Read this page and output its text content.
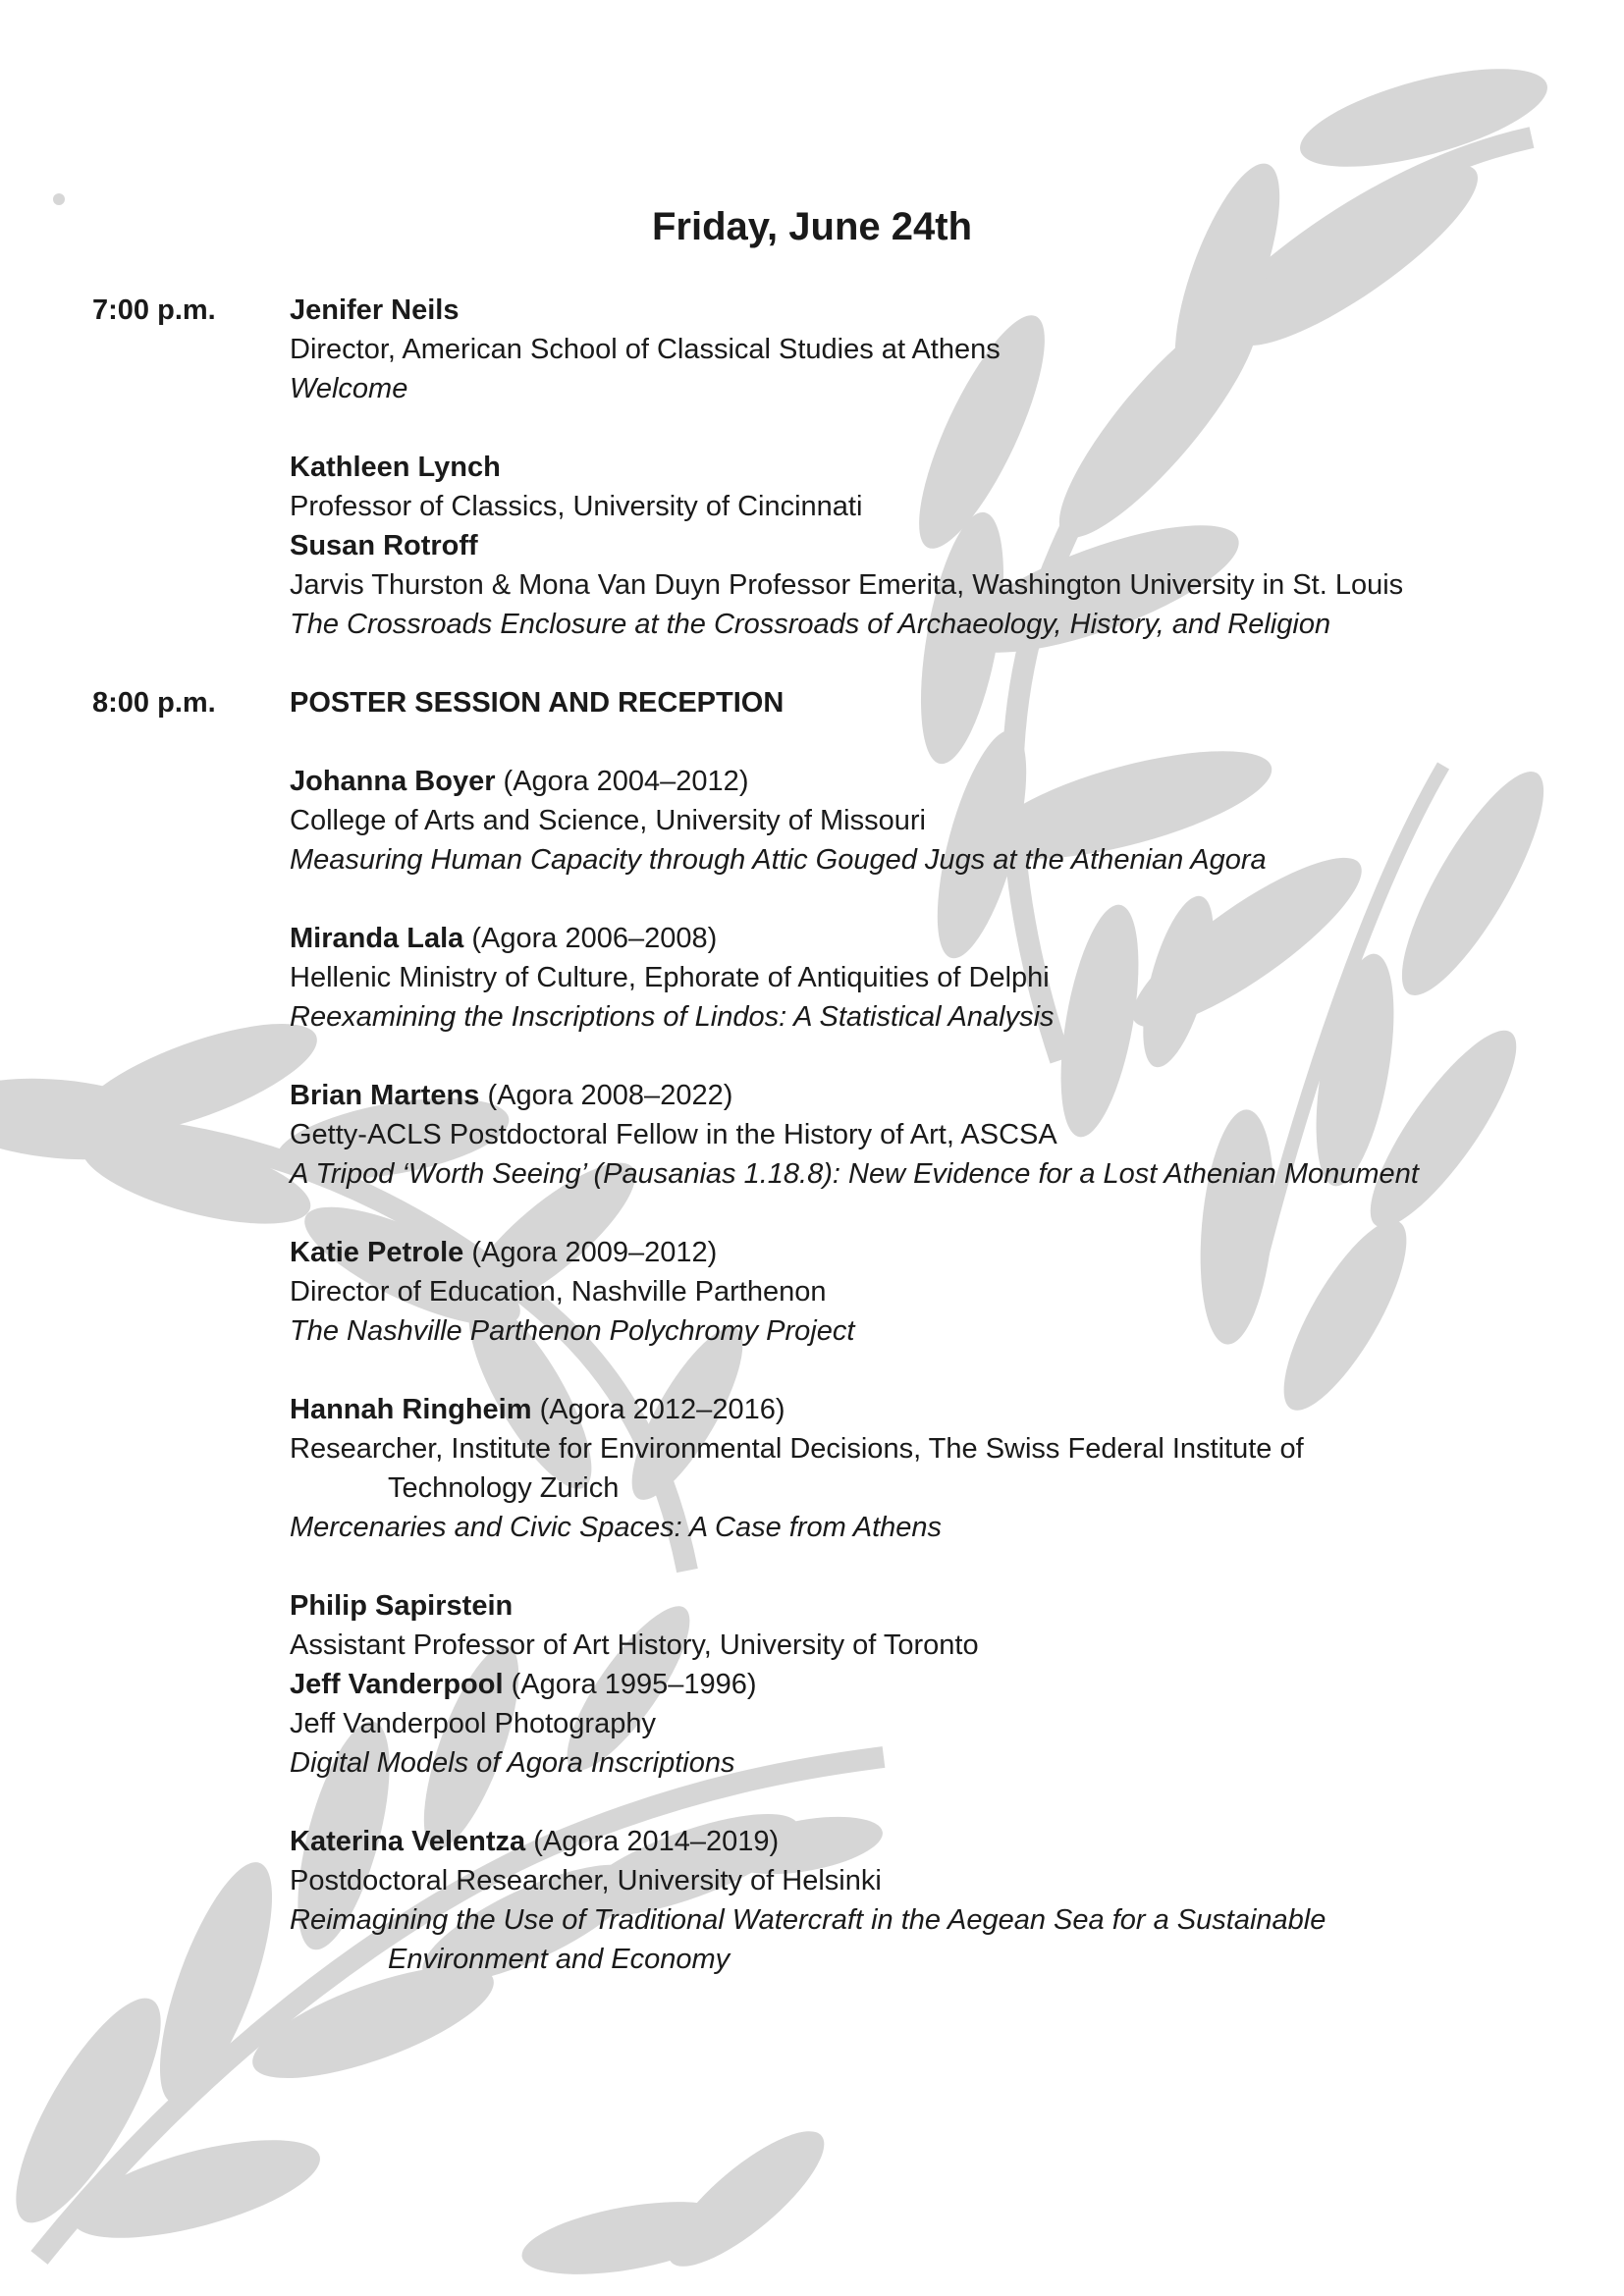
Friday, June 24th
7:00 p.m.	Jenifer Neils
Director, American School of Classical Studies at Athens
Welcome
Kathleen Lynch
Professor of Classics, University of Cincinnati
Susan Rotroff
Jarvis Thurston & Mona Van Duyn Professor Emerita, Washington University in St. Louis
The Crossroads Enclosure at the Crossroads of Archaeology, History, and Religion
8:00 p.m.	POSTER SESSION AND RECEPTION
Johanna Boyer (Agora 2004–2012)
College of Arts and Science, University of Missouri
Measuring Human Capacity through Attic Gouged Jugs at the Athenian Agora
Miranda Lala (Agora 2006–2008)
Hellenic Ministry of Culture, Ephorate of Antiquities of Delphi
Reexamining the Inscriptions of Lindos: A Statistical Analysis
Brian Martens (Agora 2008–2022)
Getty-ACLS Postdoctoral Fellow in the History of Art, ASCSA
A Tripod ‘Worth Seeing’ (Pausanias 1.18.8): New Evidence for a Lost Athenian Monument
Katie Petrole (Agora 2009–2012)
Director of Education, Nashville Parthenon
The Nashville Parthenon Polychromy Project
Hannah Ringheim (Agora 2012–2016)
Researcher, Institute for Environmental Decisions, The Swiss Federal Institute of
Technology Zurich
Mercenaries and Civic Spaces: A Case from Athens
Philip Sapirstein
Assistant Professor of Art History, University of Toronto
Jeff Vanderpool (Agora 1995–1996)
Jeff Vanderpool Photography
Digital Models of Agora Inscriptions
Katerina Velentza (Agora 2014–2019)
Postdoctoral Researcher, University of Helsinki
Reimagining the Use of Traditional Watercraft in the Aegean Sea for a Sustainable
Environment and Economy
